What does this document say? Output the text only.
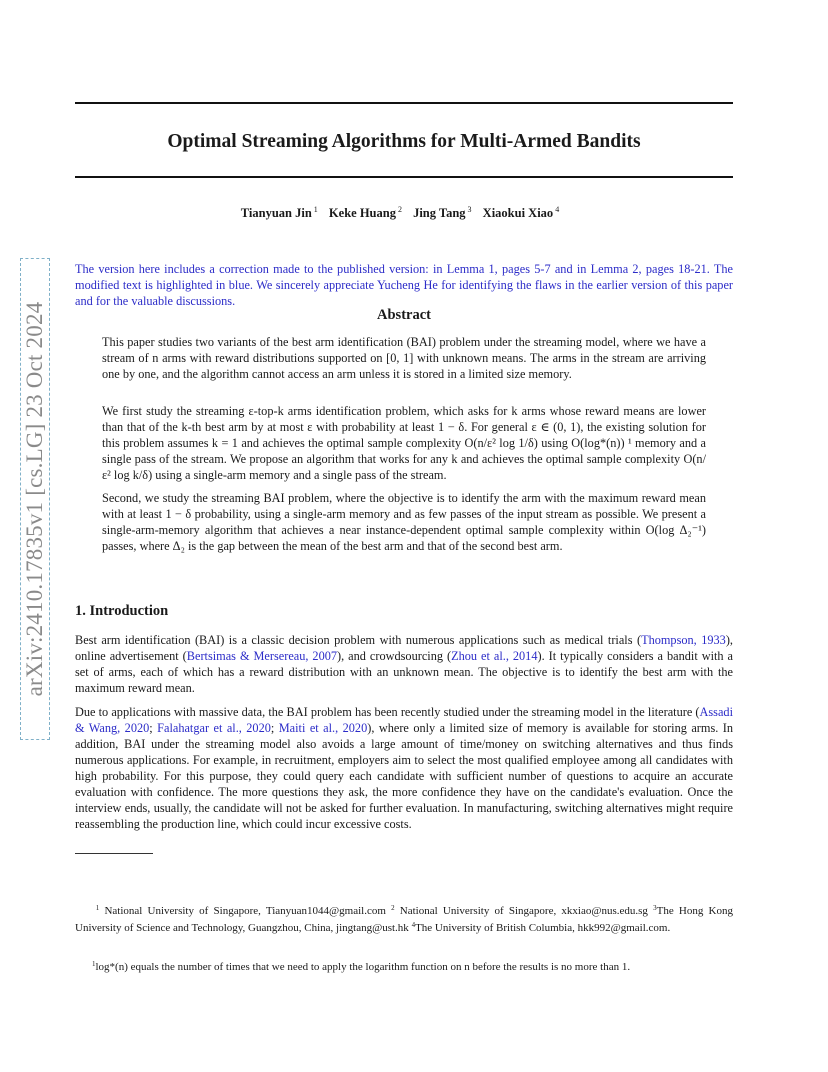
arXiv:2410.17835v1 [cs.LG] 23 Oct 2024
Optimal Streaming Algorithms for Multi-Armed Bandits
Tianyuan Jin $^1$ Keke Huang $^2$ Jing Tang $^3$ Xiaokui Xiao $^4$
The version here includes a correction made to the published version: in Lemma 1, pages 5-7 and in Lemma 2, pages 18-21. The modified text is highlighted in blue. We sincerely appreciate Yucheng He for identifying the flaws in the earlier version of this paper and for the valuable discussions.
Abstract

This paper studies two variants of the best arm identification (BAI) problem under the streaming model, where we have a stream of n arms with reward distributions supported on [0, 1] with unknown means. The arms in the stream are arriving one by one, and the algorithm cannot access an arm unless it is stored in a limited size memory.

We first study the streaming ε-top-k arms identification problem, which asks for k arms whose reward means are lower than that of the k-th best arm by at most ε with probability at least 1 − δ. For general ε ∈ (0, 1), the existing solution for this problem assumes k = 1 and achieves the optimal sample complexity O(n/ε² log 1/δ) using O(log*(n)) ¹ memory and a single pass of the stream. We propose an algorithm that works for any k and achieves the optimal sample complexity O(n/ε² log k/δ) using a single-arm memory and a single pass of the stream.

Second, we study the streaming BAI problem, where the objective is to identify the arm with the maximum reward mean with at least 1 − δ probability, using a single-arm memory and as few passes of the input stream as possible. We present a single-arm-memory algorithm that achieves a near instance-dependent optimal sample complexity within O(log Δ₂⁻¹) passes, where Δ₂ is the gap between the mean of the best arm and that of the second best arm.

1. Introduction

Best arm identification (BAI) is a classic decision problem with numerous applications such as medical trials (Thompson, 1933), online advertisement (Bertsimas & Mersereau, 2007), and crowdsourcing (Zhou et al., 2014). It typically considers a bandit with a set of arms, each of which has a reward distribution with an unknown mean. The objective is to identify the best arm with the maximum reward mean.

Due to applications with massive data, the BAI problem has been recently studied under the streaming model in the literature (Assadi & Wang, 2020; Falahatgar et al., 2020; Maiti et al., 2020), where only a limited size of memory is available for storing arms. In addition, BAI under the streaming model also avoids a large amount of time/money on switching alternatives and thus finds numerous applications. For example, in recruitment, employers aim to select the most qualified employee among all candidates with high probability. For this purpose, they could query each candidate with sufficient number of questions to acquire an accurate evaluation with confidence. The more questions they ask, the more confidence they have on the candidate's evaluation. Once the interview ends, usually, the candidate will not be asked for further evaluation. In manufacturing, switching alternatives might require reassembling the production line, which could incur excessive costs.

$^1$ National University of Singapore, Tianyuan1044@gmail.com $^2$ National University of Singapore, xkxiao@nus.edu.sg $^3$The Hong Kong University of Science and Technology, Guangzhou, China, jingtang@ust.hk $^4$The University of British Columbia, hkk992@gmail.com.

$^1$log*(n) equals the number of times that we need to apply the logarithm function on n before the results is no more than 1.
